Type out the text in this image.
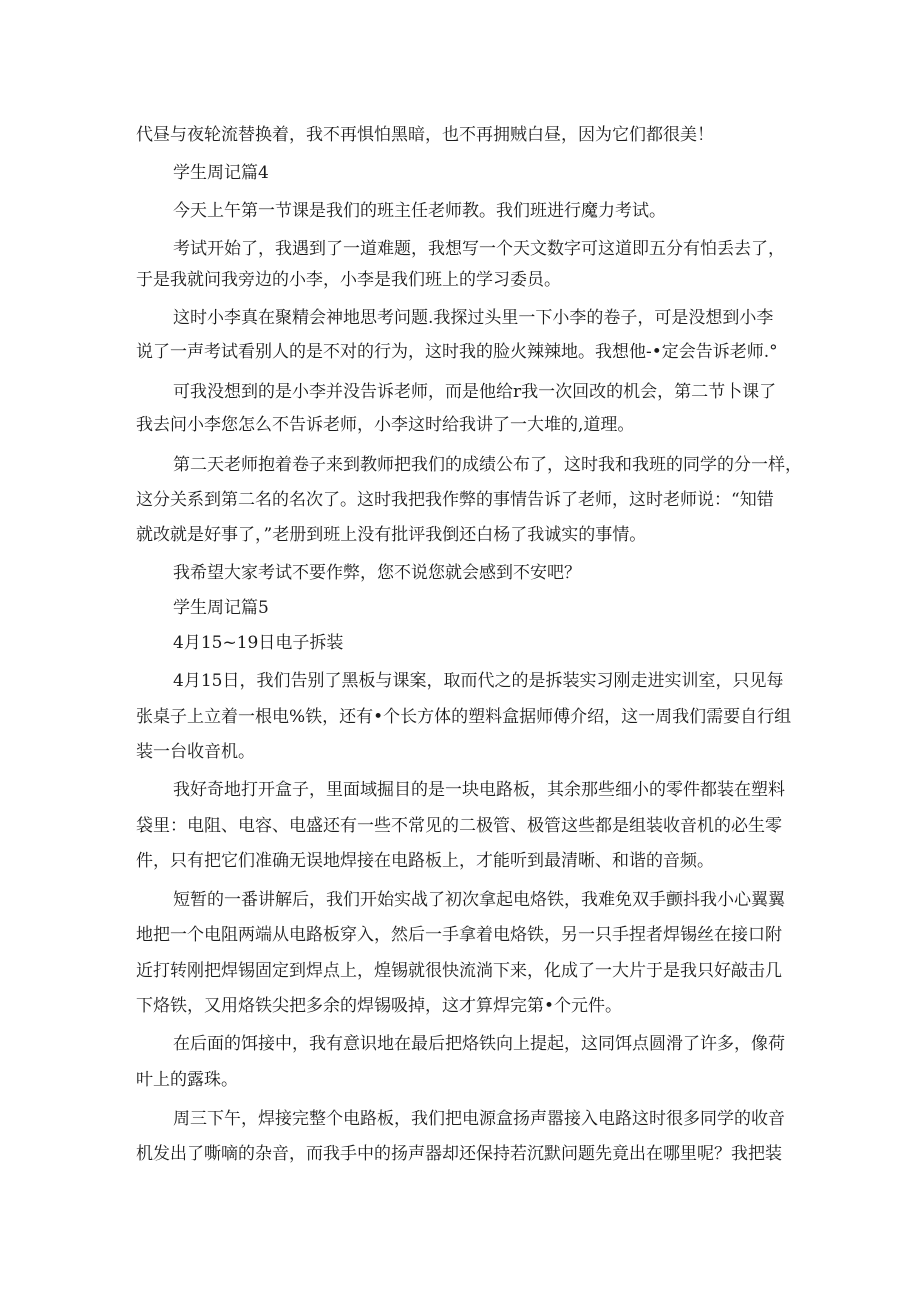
代昼与夜轮流替换着，我不再惧怕黑暗，也不再拥贼白昼，因为它们都很美！
学生周记篇4
今天上午第一节课是我们的班主任老师教。我们班进行魔力考试。
考试开始了，我遇到了一道难题，我想写一个天文数字可这道即五分有怕丢去了，
于是我就问我旁边的小李，小李是我们班上的学习委员。
这时小李真在聚精会神地思考问题.我探过头里一下小李的卷子，可是没想到小李
说了一声考试看别人的是不对的行为，这时我的脸火辣辣地。我想他-•定会告诉老师.°
可我没想到的是小李并没告诉老师，而是他给r我一次回改的机会，第二节卜课了
我去问小李您怎么不告诉老师，小李这时给我讲了一大堆的,道理。
第二天老师抱着卷子来到教师把我们的成绩公布了，这时我和我班的同学的分一样，
这分关系到第二名的名次了。这时我把我作弊的事情告诉了老师，这时老师说：“知错
就改就是好事了，”老册到班上没有批评我倒还白杨了我诚实的事情。
我希望大家考试不要作弊，您不说您就会感到不安吧？
学生周记篇5
4月15~19日电子拆装
4月15日，我们告别了黑板与课案，取而代之的是拆装实习刚走进实训室，只见每
张桌子上立着一根电%铁，还有•个长方体的塑料盒据师傅介绍，这一周我们需要自行组
装一台收音机。
我好奇地打开盒子，里面域掘目的是一块电路板，其余那些细小的零件都装在塑料
袋里：电阻、电容、电盛还有一些不常见的二极管、极管这些都是组装收音机的必生零
件，只有把它们准确无误地焊接在电路板上，才能听到最清晰、和谐的音频。
短暂的一番讲解后，我们开始实战了初次拿起电烙铁，我难免双手颤抖我小心翼翼
地把一个电阻两端从电路板穿入，然后一手拿着电烙铁，另一只手捏者焊锡丝在接口附
近打转刚把焊锡固定到焊点上，煌锡就很快流淌下来，化成了一大片于是我只好敲击几
下烙铁，又用烙铁尖把多余的焊锡吸掉，这才算焊完第•个元件。
在后面的饵接中，我有意识地在最后把烙铁向上提起，这同饵点圆滑了许多，像荷
叶上的露珠。
周三下午，焊接完整个电路板，我们把电源盒扬声嚣接入电路这时很多同学的收音
机发出了嘶嘀的杂音，而我手中的扬声器却还保持若沉默问题先竟出在哪里呢？我把装
